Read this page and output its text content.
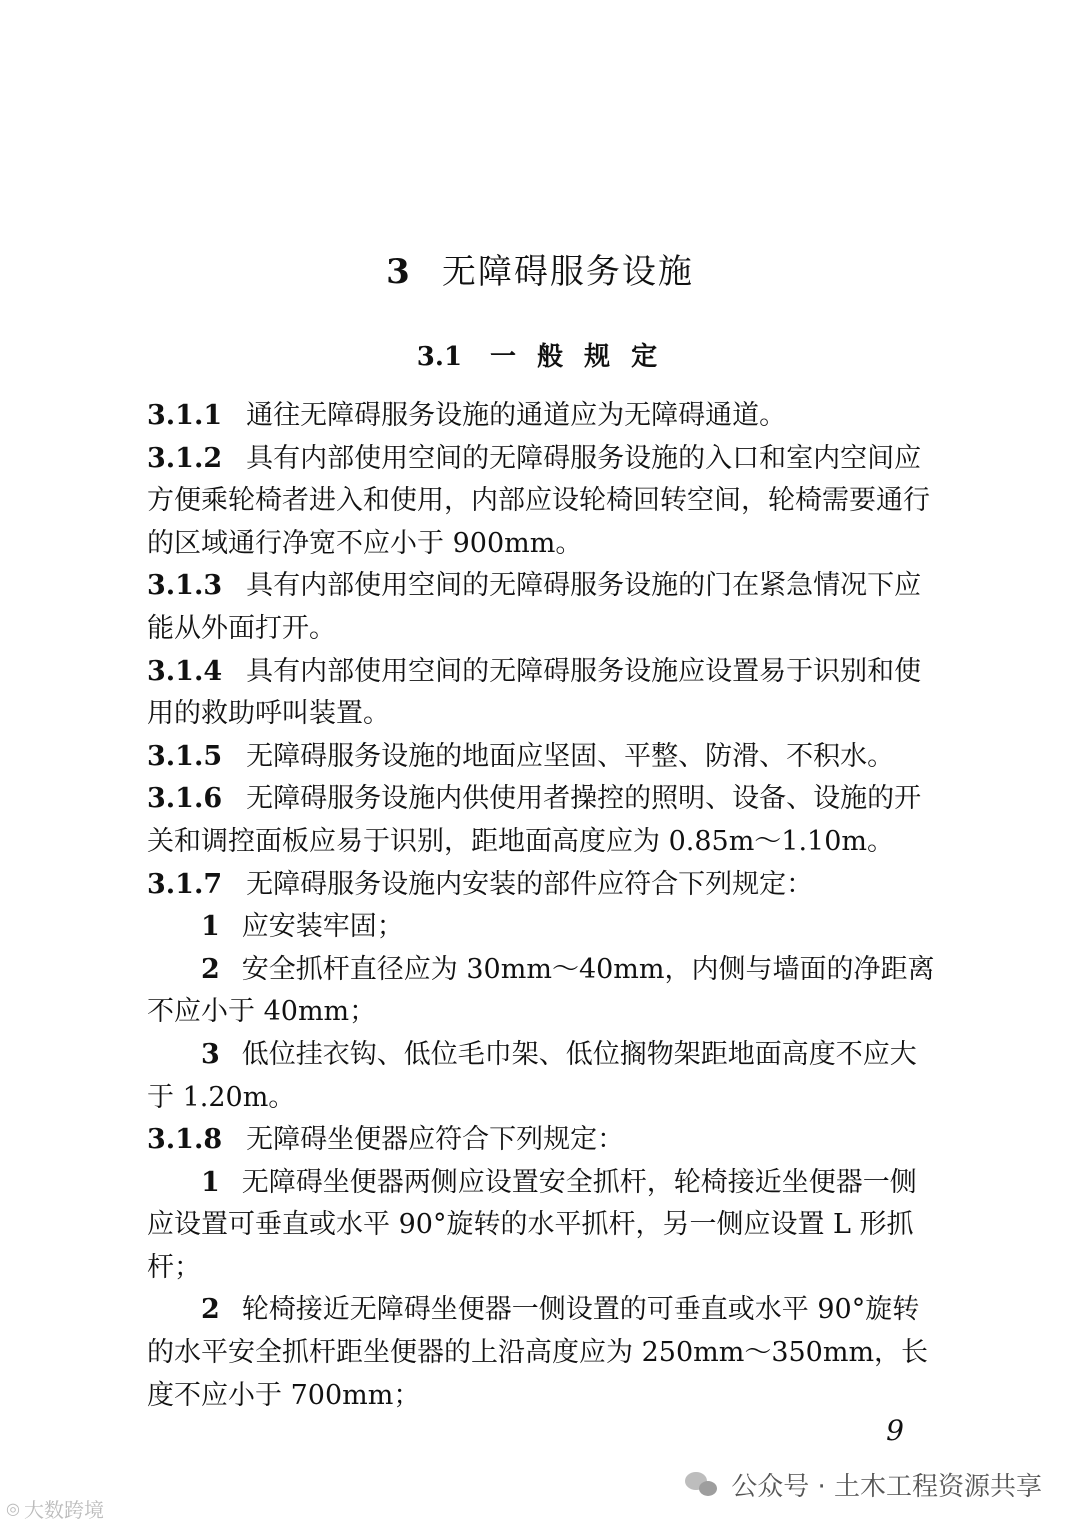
3 无障碍服务设施
3.1 一 般 规 定

3.1.1 通往无障碍服务设施的通道应为无障碍通道。

3.1.2 具有内部使用空间的无障碍服务设施的入口和室内空间应方便乘轮椅者进入和使用，内部应设轮椅回转空间，轮椅需要通行的区域通行净宽不应小于 900mm。

3.1.3 具有内部使用空间的无障碍服务设施的门在紧急情况下应能从外面打开。

3.1.4 具有内部使用空间的无障碍服务设施应设置易于识别和使用的救助呼叫装置。

3.1.5 无障碍服务设施的地面应坚固、平整、防滑、不积水。

3.1.6 无障碍服务设施内供使用者操控的照明、设备、设施的开关和调控面板应易于识别，距地面高度应为 0.85m～1.10m。

3.1.7 无障碍服务设施内安装的部件应符合下列规定：

1 应安装牢固；

2 安全抓杆直径应为 30mm～40mm，内侧与墙面的净距离不应小于 40mm；

3 低位挂衣钩、低位毛巾架、低位搁物架距地面高度不应大于 1.20m。

3.1.8 无障碍坐便器应符合下列规定：

1 无障碍坐便器两侧应设置安全抓杆，轮椅接近坐便器一侧应设置可垂直或水平 90°旋转的水平抓杆，另一侧应设置 L 形抓杆；

2 轮椅接近无障碍坐便器一侧设置的可垂直或水平 90°旋转的水平安全抓杆距坐便器的上沿高度应为 250mm～350mm，长度不应小于 700mm；

9
公众号 · 土木工程资源共享
◎ 大数跨境
